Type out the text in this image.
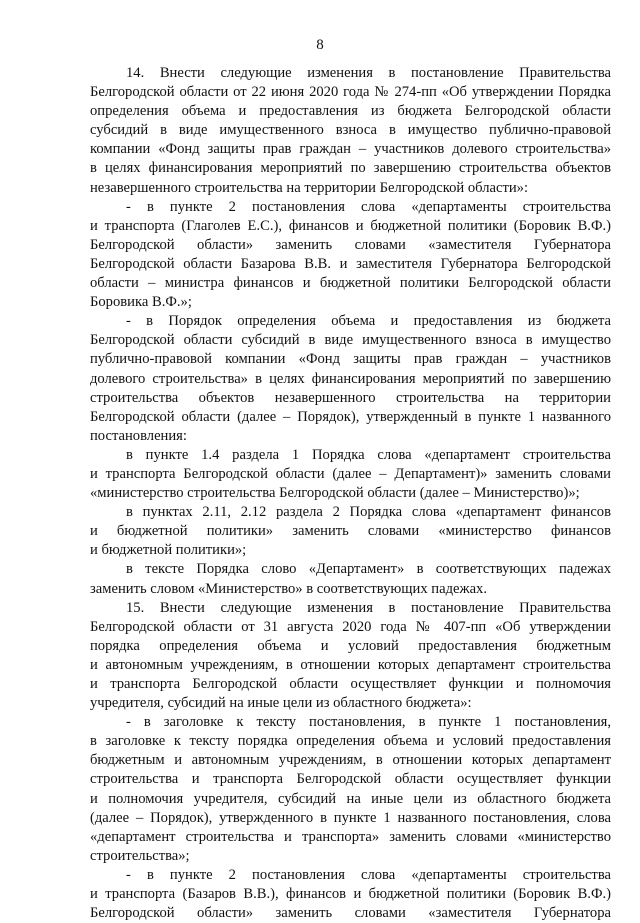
8
14. Внести следующие изменения в постановление Правительства
Белгородской области от 22 июня 2020 года № 274-пп «Об утверждении Порядка
определения объема и предоставления из бюджета Белгородской области
субсидий в виде имущественного взноса в имущество публично-правовой
компании «Фонд защиты прав граждан – участников долевого строительства»
в целях финансирования мероприятий по завершению строительства объектов
незавершенного строительства на территории Белгородской области»:
- в пункте 2 постановления слова «департаменты строительства
и транспорта (Глаголев Е.С.), финансов и бюджетной политики (Боровик В.Ф.)
Белгородской области» заменить словами «заместителя Губернатора
Белгородской области Базарова В.В. и заместителя Губернатора Белгородской
области – министра финансов и бюджетной политики Белгородской области
Боровика В.Ф.»;
- в Порядок определения объема и предоставления из бюджета
Белгородской области субсидий в виде имущественного взноса в имущество
публично-правовой компании «Фонд защиты прав граждан – участников
долевого строительства» в целях финансирования мероприятий по завершению
строительства объектов незавершенного строительства на территории
Белгородской области (далее – Порядок), утвержденный в пункте 1 названного
постановления:
в пункте 1.4 раздела 1 Порядка слова «департамент строительства
и транспорта Белгородской области (далее – Департамент)» заменить словами
«министерство строительства Белгородской области (далее – Министерство)»;
в пунктах 2.11, 2.12 раздела 2 Порядка слова «департамент финансов
и бюджетной политики» заменить словами «министерство финансов
и бюджетной политики»;
в тексте Порядка слово «Департамент» в соответствующих падежах
заменить словом «Министерство» в соответствующих падежах.
15. Внести следующие изменения в постановление Правительства
Белгородской области от 31 августа 2020 года № 407-пп «Об утверждении
порядка определения объема и условий предоставления бюджетным
и автономным учреждениям, в отношении которых департамент строительства
и транспорта Белгородской области осуществляет функции и полномочия
учредителя, субсидий на иные цели из областного бюджета»:
- в заголовке к тексту постановления, в пункте 1 постановления,
в заголовке к тексту порядка определения объема и условий предоставления
бюджетным и автономным учреждениям, в отношении которых департамент
строительства и транспорта Белгородской области осуществляет функции
и полномочия учредителя, субсидий на иные цели из областного бюджета
(далее – Порядок), утвержденного в пункте 1 названного постановления, слова
«департамент строительства и транспорта» заменить словами «министерство
строительства»;
- в пункте 2 постановления слова «департаменты строительства
и транспорта (Базаров В.В.), финансов и бюджетной политики (Боровик В.Ф.)
Белгородской области» заменить словами «заместителя Губернатора
